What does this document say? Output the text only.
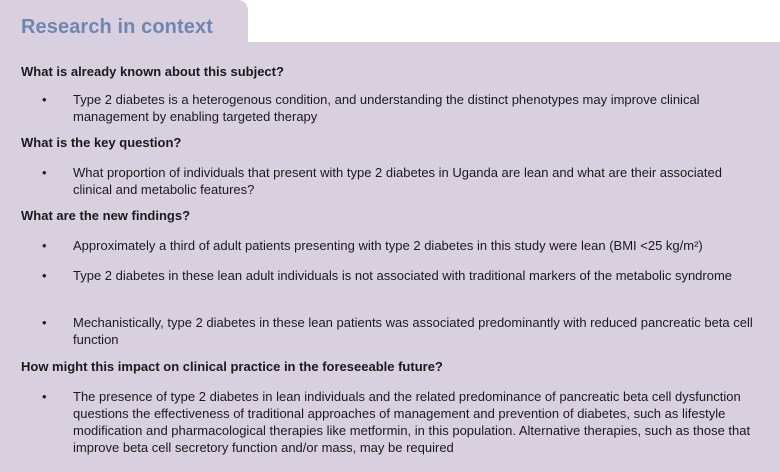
Research in context
What is already known about this subject?
• Type 2 diabetes is a heterogenous condition, and understanding the distinct phenotypes may improve clinical management by enabling targeted therapy
What is the key question?
• What proportion of individuals that present with type 2 diabetes in Uganda are lean and what are their associated clinical and metabolic features?
What are the new findings?
• Approximately a third of adult patients presenting with type 2 diabetes in this study were lean (BMI <25 kg/m²)
• Type 2 diabetes in these lean adult individuals is not associated with traditional markers of the metabolic syndrome
• Mechanistically, type 2 diabetes in these lean patients was associated predominantly with reduced pancreatic beta cell function
How might this impact on clinical practice in the foreseeable future?
• The presence of type 2 diabetes in lean individuals and the related predominance of pancreatic beta cell dysfunction questions the effectiveness of traditional approaches of management and prevention of diabetes, such as lifestyle modification and pharmacological therapies like metformin, in this population. Alternative therapies, such as those that improve beta cell secretory function and/or mass, may be required
